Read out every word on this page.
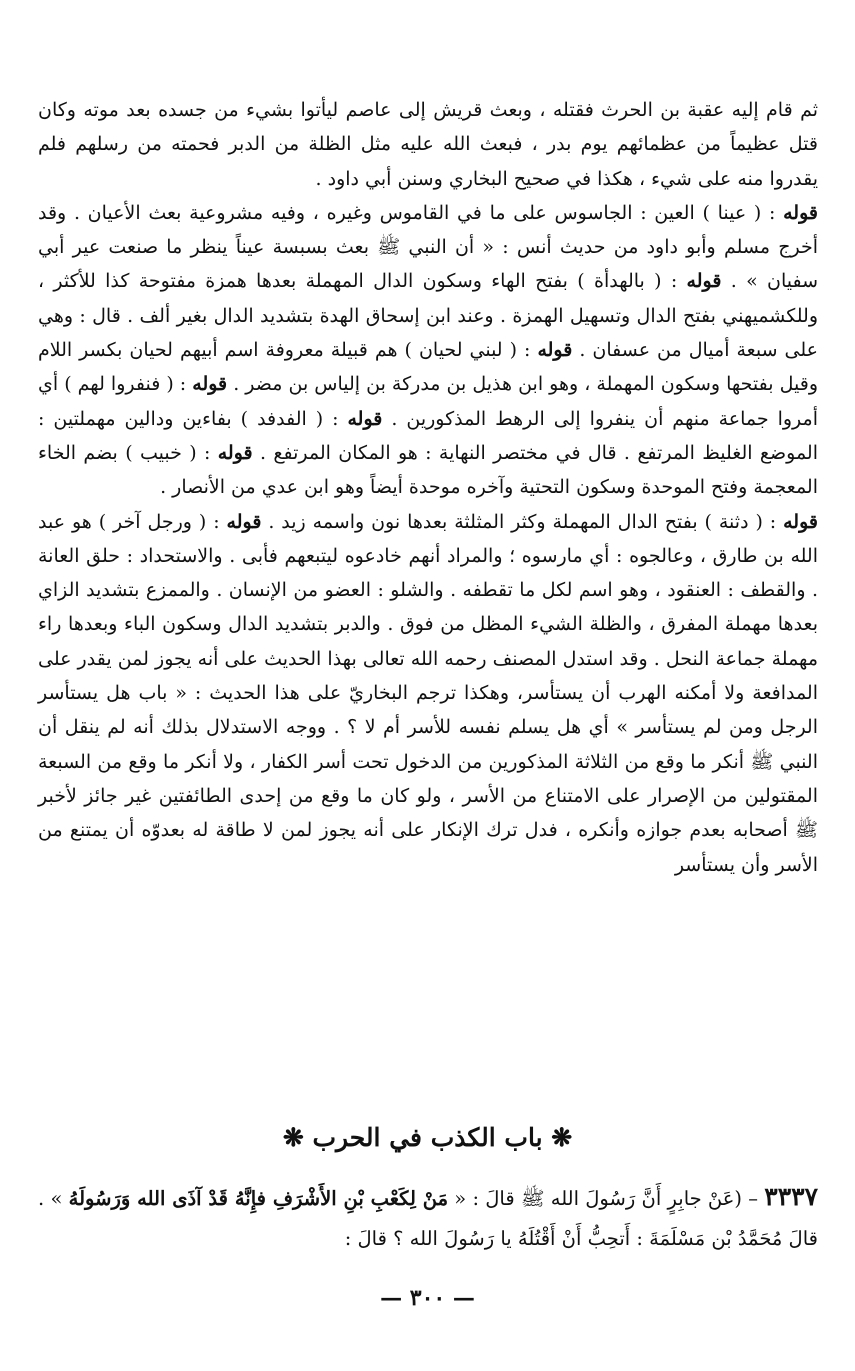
ثم قام إليه عقبة بن الحرث فقتله ، وبعث قريش إلى عاصم ليأتوا بشيء من جسده بعد موته وكان قتل عظيماً من عظمائهم يوم بدر ، فبعث الله عليه مثل الظلة من الدبر فحمته من رسلهم فلم يقدروا منه على شيء ، هكذا في صحيح البخاري وسنن أبي داود .

قوله : ( عينا ) العين : الجاسوس على ما في القاموس وغيره ، وفيه مشروعية بعث الأعيان . وقد أخرج مسلم وأبو داود من حديث أنس : « أن النبي ﷺ بعث بسبسة عيناً ينظر ما صنعت عير أبي سفيان » . قوله : ( بالهدأة ) بفتح الهاء وسكون الدال المهملة بعدها همزة مفتوحة كذا للأكثر ، وللكشميهني بفتح الدال وتسهيل الهمزة . وعند ابن إسحاق الهدة بتشديد الدال بغير ألف . قال : وهي على سبعة أميال من عسفان . قوله : ( لبني لحيان ) هم قبيلة معروفة اسم أبيهم لحيان بكسر اللام وقيل بفتحها وسكون المهملة ، وهو ابن هذيل بن مدركة بن إلياس بن مضر . قوله : ( فنفروا لهم ) أي أمروا جماعة منهم أن ينفروا إلى الرهط المذكورين . قوله : ( الفدفد ) بفاءين ودالين مهملتين : الموضع الغليظ المرتفع . قال في مختصر النهاية : هو المكان المرتفع . قوله : ( خبيب ) بضم الخاء المعجمة وفتح الموحدة وسكون التحتية وآخره موحدة أيضاً وهو ابن عدي من الأنصار .

قوله : ( دثنة ) بفتح الدال المهملة وكثر المثلثة بعدها نون واسمه زيد . قوله : ( ورجل آخر ) هو عبد الله بن طارق ، وعالجوه : أي مارسوه ؛ والمراد أنهم خادعوه ليتبعهم فأبى . والاستحداد : حلق العانة . والقطف : العنقود ، وهو اسم لكل ما تقطفه . والشلو : العضو من الإنسان . والممزع بتشديد الزاي بعدها مهملة المفرق ، والظلة الشيء المظل من فوق . والدبر بتشديد الدال وسكون الباء وبعدها راء مهملة جماعة النحل . وقد استدل المصنف رحمه الله تعالى بهذا الحديث على أنه يجوز لمن يقدر على المدافعة ولا أمكنه الهرب أن يستأسر، وهكذا ترجم البخاريّ على هذا الحديث : « باب هل يستأسر الرجل ومن لم يستأسر » أي هل يسلم نفسه للأسر أم لا ؟ . ووجه الاستدلال بذلك أنه لم ينقل أن النبي ﷺ أنكر ما وقع من الثلاثة المذكورين من الدخول تحت أسر الكفار ، ولا أنكر ما وقع من السبعة المقتولين من الإصرار على الامتناع من الأسر ، ولو كان ما وقع من إحدى الطائفتين غير جائز لأخبر ﷺ أصحابه بعدم جوازه وأنكره ، فدل ترك الإنكار على أنه يجوز لمن لا طاقة له بعدوّه أن يمتنع من الأسر وأن يستأسر

❋ باب الكذب في الحرب ❋
٣٣٣٧ – (عَنْ جابِرٍ أَنَّ رَسُولَ الله ﷺ قالَ : « مَنْ لِكَعْبِ بْنِ الأَشْرَفِ فإِنَّهُ قَدْ آذَى الله وَرَسُولَهُ » . قالَ مُحَمَّدُ بْن مَسْلَمَةَ : أَتحِبُّ أَنْ أَقْتُلَهُ يا رَسُولَ الله ؟ قالَ :
— ٣٠٠ —
